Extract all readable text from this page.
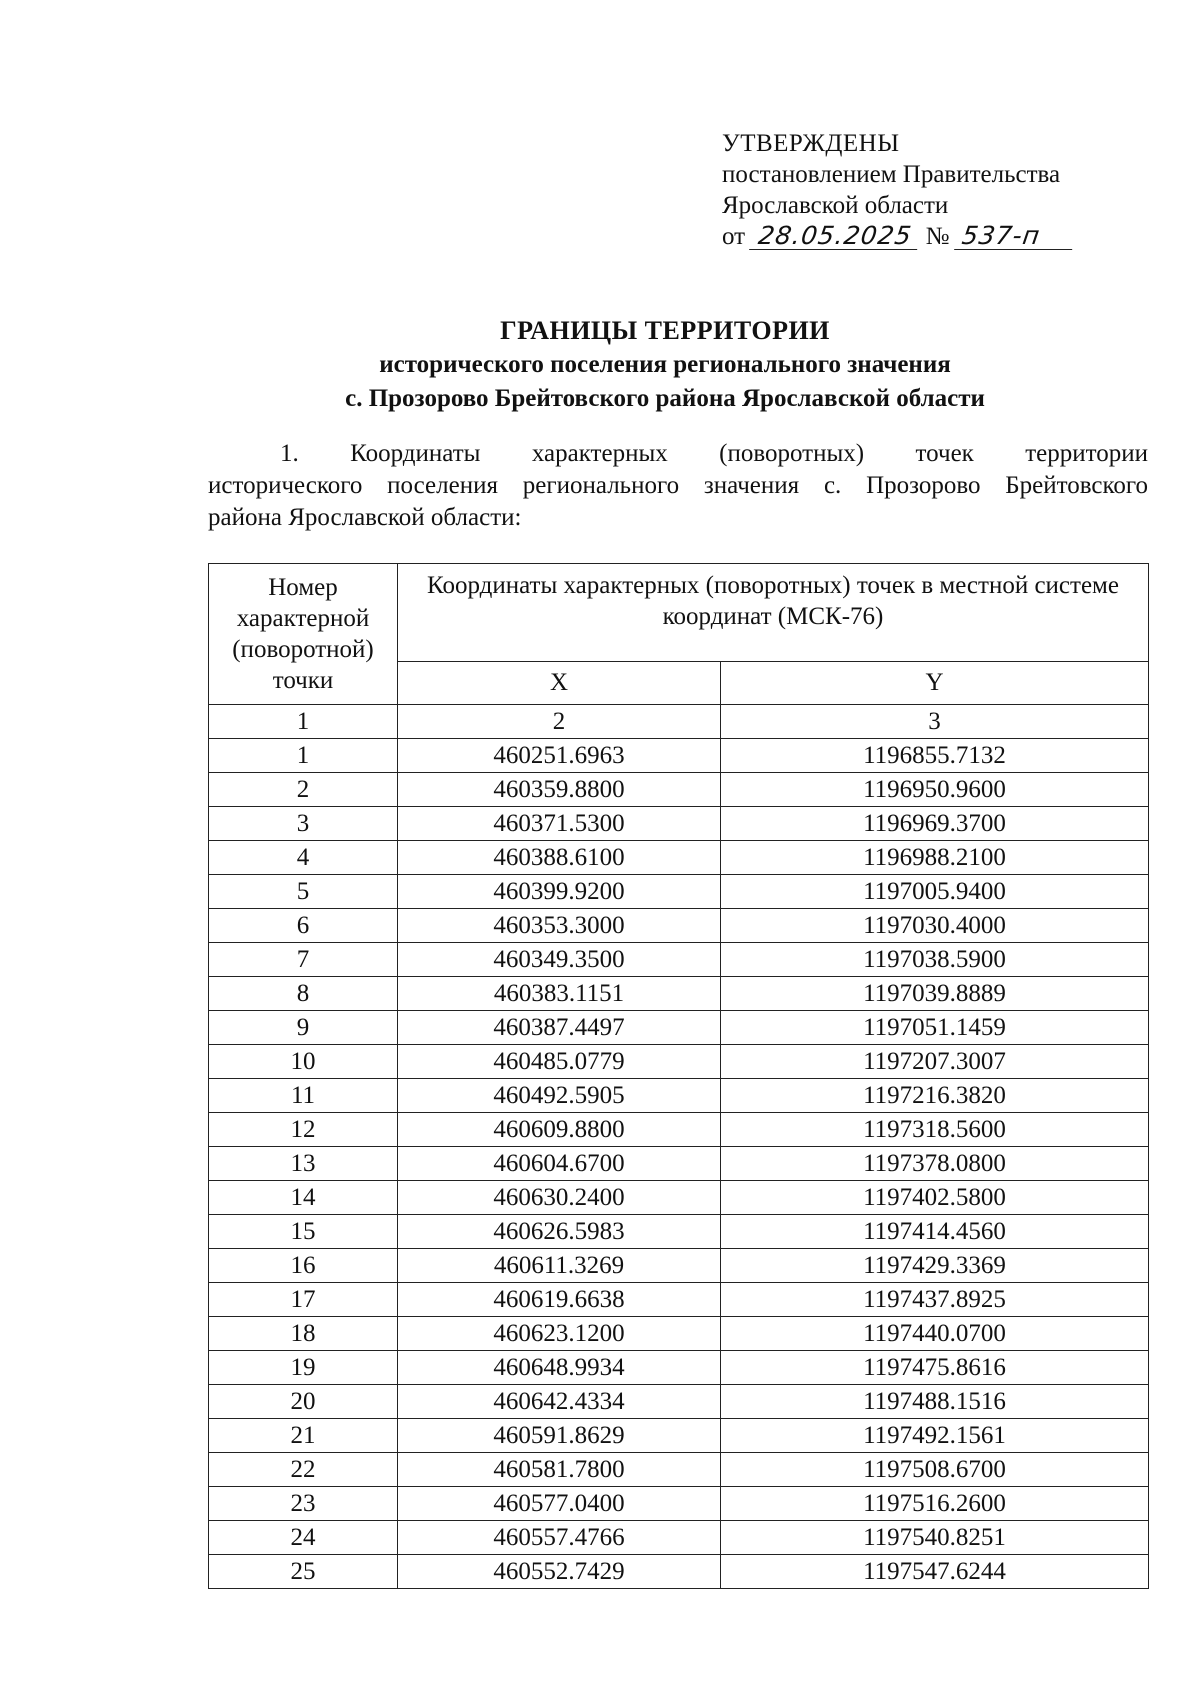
УТВЕРЖДЕНЫ
постановлением Правительства
Ярославской области
от 28.05.2025 № 537-п
ГРАНИЦЫ ТЕРРИТОРИИ
исторического поселения регионального значения
с. Прозорово Брейтовского района Ярославской области
1. Координаты характерных (поворотных) точек территории
исторического поселения регионального значения с. Прозорово Брейтовского
района Ярославской области:
Номер характерной (поворотной) точки	Координаты характерных (поворотных) точек в местной системе координат (МСК-76)	
	X	Y
1	2	3
1	460251.6963	1196855.7132
2	460359.8800	1196950.9600
3	460371.5300	1196969.3700
4	460388.6100	1196988.2100
5	460399.9200	1197005.9400
6	460353.3000	1197030.4000
7	460349.3500	1197038.5900
8	460383.1151	1197039.8889
9	460387.4497	1197051.1459
10	460485.0779	1197207.3007
11	460492.5905	1197216.3820
12	460609.8800	1197318.5600
13	460604.6700	1197378.0800
14	460630.2400	1197402.5800
15	460626.5983	1197414.4560
16	460611.3269	1197429.3369
17	460619.6638	1197437.8925
18	460623.1200	1197440.0700
19	460648.9934	1197475.8616
20	460642.4334	1197488.1516
21	460591.8629	1197492.1561
22	460581.7800	1197508.6700
23	460577.0400	1197516.2600
24	460557.4766	1197540.8251
25	460552.7429	1197547.6244
